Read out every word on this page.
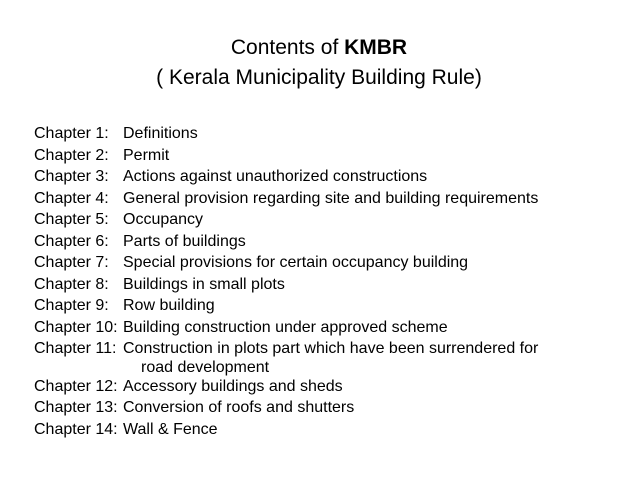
Contents of KMBR
( Kerala Municipality Building Rule)
Chapter 1: Definitions
Chapter 2: Permit
Chapter 3: Actions against unauthorized constructions
Chapter 4: General provision regarding site and building requirements
Chapter 5: Occupancy
Chapter 6: Parts of buildings
Chapter 7: Special provisions for certain occupancy building
Chapter 8: Buildings in small plots
Chapter 9: Row building
Chapter 10: Building construction under approved scheme
Chapter 11: Construction in plots part which have been surrendered for
road development
Chapter 12: Accessory buildings and sheds
Chapter 13: Conversion of roofs and shutters
Chapter 14: Wall & Fence
